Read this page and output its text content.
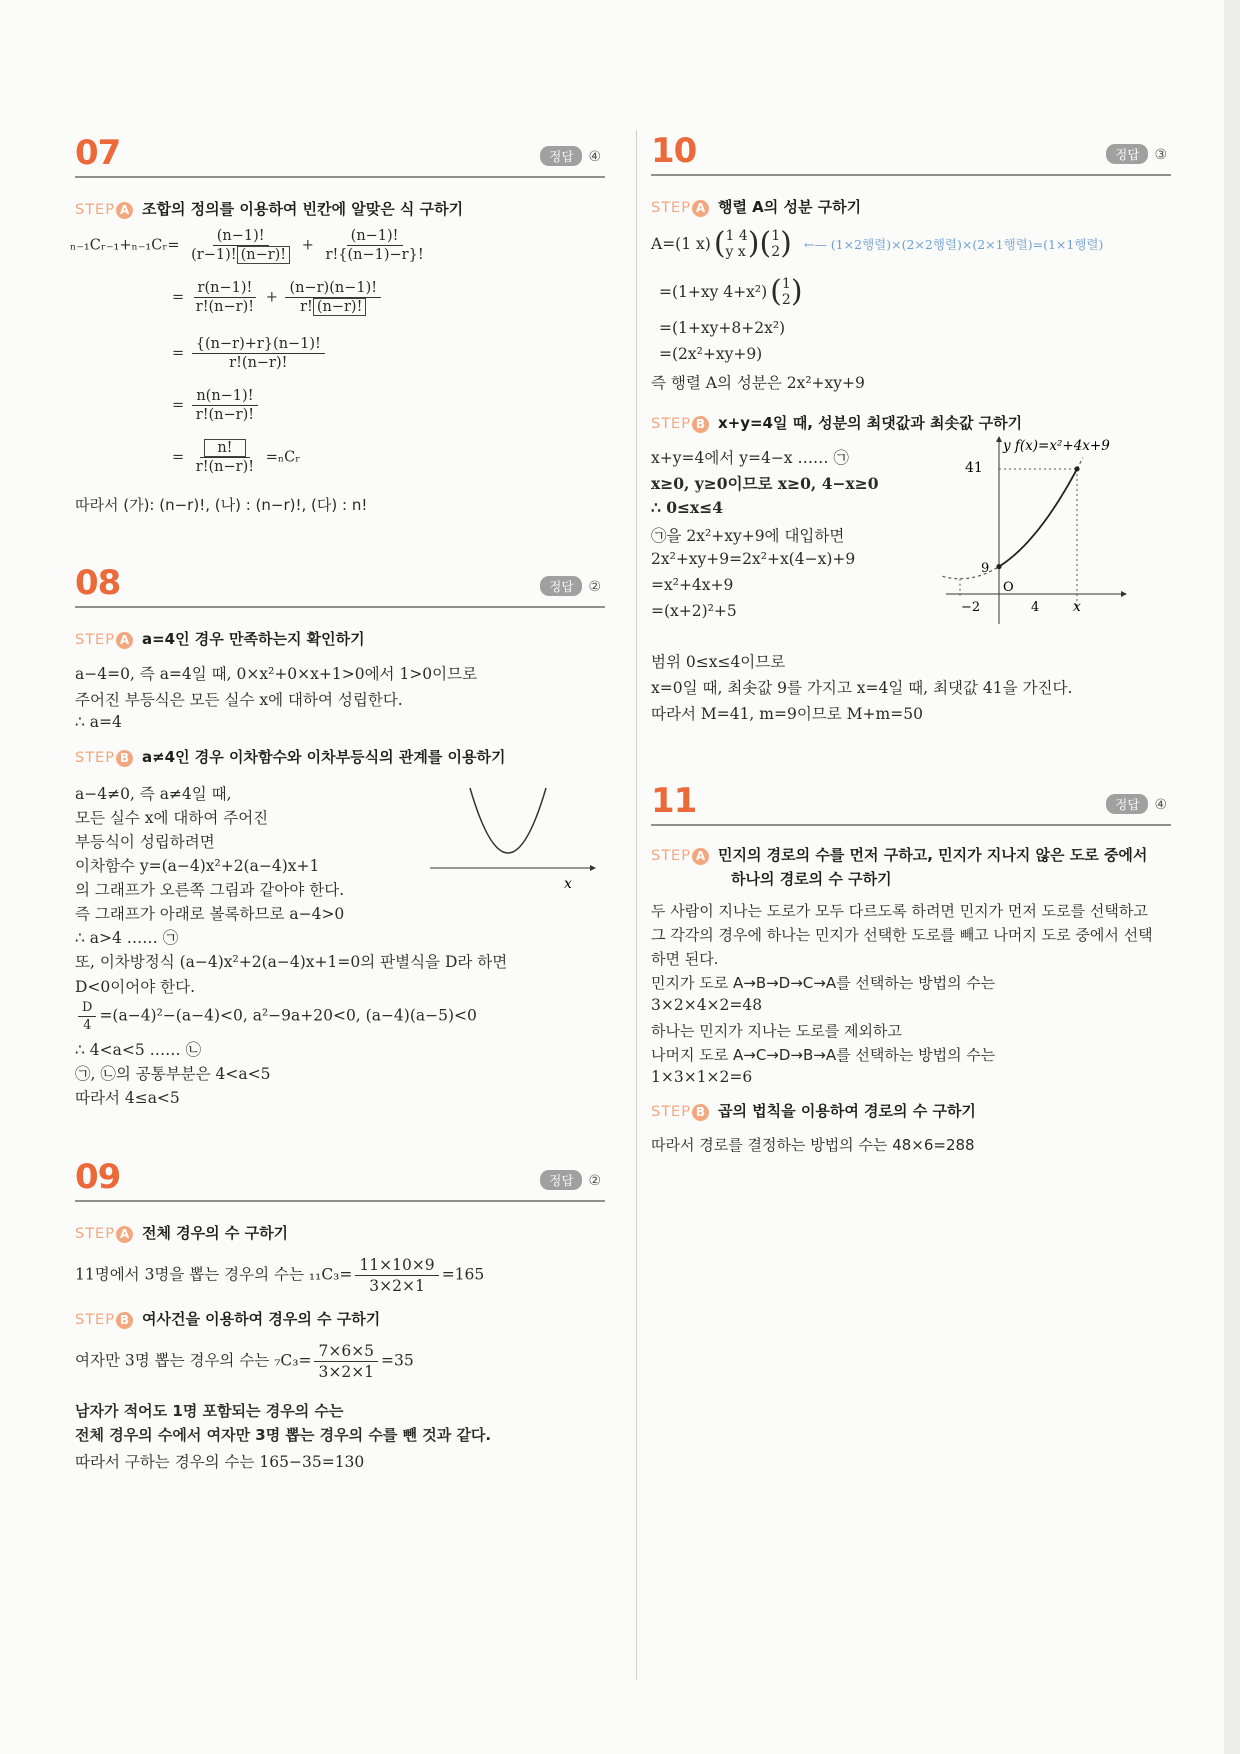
07	정답 ④
STEP A 조합의 정의를 이용하여 빈칸에 알맞은 식 구하기
ₙ₋₁Cᵣ₋₁+ₙ₋₁Cᵣ= $\frac{(n-1)!}{(r-1)! (n-r)!} + \frac{(n-1)!}{r!\{(n-1)-r\}!}$
= $\frac{r(n-1)!}{r!(n-r)!} + \frac{(n-r)(n-1)!}{r! (n-r)!}$
= $\frac{\{(n-r)+r\}(n-1)!}{r!(n-r)!}$
= $\frac{n(n-1)!}{r!(n-r)!}$
= $\frac{n!}{r!(n-r)!}$ =ₙCᵣ
따라서 (가): (n−r)!, (나) : (n−r)!, (다) : n!
08	정답 ②
STEP A a=4인 경우 만족하는지 확인하기
a−4=0, 즉 a=4일 때, 0×x²+0×x+1>0에서 1>0이므로
주어진 부등식은 모든 실수 x에 대하여 성립한다.
∴ a=4
STEP B a≠4인 경우 이차함수와 이차부등식의 관계를 이용하기
a−4≠0, 즉 a≠4일 때,
모든 실수 x에 대하여 주어진
부등식이 성립하려면
이차함수 y=(a−4)x²+2(a−4)x+1
의 그래프가 오른쪽 그림과 같아야 한다.
즉 그래프가 아래로 볼록하므로 a−4>0
∴ a>4 …… ㉠
또, 이차방정식 (a−4)x²+2(a−4)x+1=0의 판별식을 D라 하면
D<0이어야 한다.
$\frac{D}{4} =(a-4)^2-(a-4)<0$, a²−9a+20<0, (a−4)(a−5)<0
∴ 4<a<5 …… ㉡
㉠, ㉡의 공통부분은 4<a<5
따라서 4≤a<5
x
09	정답 ②
STEP A 전체 경우의 수 구하기
11명에서 3명을 뽑는 경우의 수는 $_{11}C_3= \frac{11\times 10\times 9}{3\times 2\times 1} =165$
STEP B 여사건을 이용하여 경우의 수 구하기
여자만 3명 뽑는 경우의 수는 $_7C_3= \frac{7\times 6\times 5}{3\times 2\times 1} =35$
남자가 적어도 1명 포함되는 경우의 수는
전체 경우의 수에서 여자만 3명 뽑는 경우의 수를 뺀 것과 같다.
따라서 구하는 경우의 수는 165−35=130
10	정답 ③
STEP A 행렬 A의 성분 구하기
A=(1 x) ( 1 4
y x )( 1
2 ) ←— (1×2행렬)×(2×2행렬)×(2×1행렬)=(1×1행렬)
=(1+xy 4+x²) ( 1
2 )
=(1+xy+8+2x²)
=(2x²+xy+9)
즉 행렬 A의 성분은 2x²+xy+9
STEP B x+y=4일 때, 성분의 최댓값과 최솟값 구하기
x+y=4에서 y=4−x …… ㉠
x≥0, y≥0이므로 x≥0, 4−x≥0
∴ 0≤x≤4
㉠을 2x²+xy+9에 대입하면
2x²+xy+9=2x²+x(4−x)+9
=x²+4x+9
=(x+2)²+5
y f(x)=x²+4x+9
41
9
O
−2	4 x
범위 0≤x≤4이므로
x=0일 때, 최솟값 9를 가지고 x=4일 때, 최댓값 41을 가진다.
따라서 M=41, m=9이므로 M+m=50
11	정답 ④
STEP A 민지의 경로의 수를 먼저 구하고, 민지가 지나지 않은 도로 중에서
하나의 경로의 수 구하기
두 사람이 지나는 도로가 모두 다르도록 하려면 민지가 먼저 도로를 선택하고
그 각각의 경우에 하나는 민지가 선택한 도로를 빼고 나머지 도로 중에서 선택
하면 된다.
민지가 도로 A→B→D→C→A를 선택하는 방법의 수는
3×2×4×2=48
하나는 민지가 지나는 도로를 제외하고
나머지 도로 A→C→D→B→A를 선택하는 방법의 수는
1×3×1×2=6
STEP B 곱의 법칙을 이용하여 경로의 수 구하기
따라서 경로를 결정하는 방법의 수는 48×6=288
